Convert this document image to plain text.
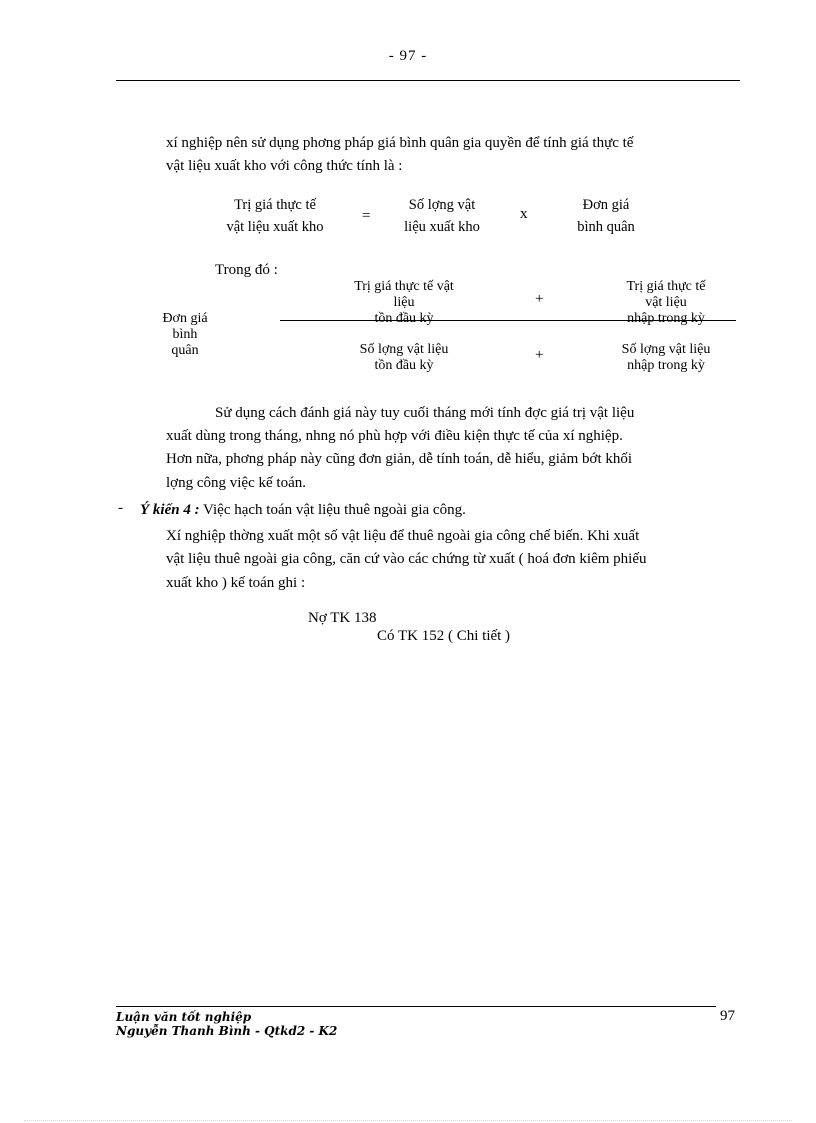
- 97 -
xí nghiệp nên sử dụng phơng pháp giá bình quân gia quyền để tính giá thực tế
vật liệu xuất kho với công thức tính là :
Trị giá thực tế
vật liệu xuất kho
=
Số lợng vật
liệu xuất kho
x
Đơn giá
bình quân
Trong đó :
Đơn giá
bình
quân
Trị giá thực tế vật
liệu
tồn đầu kỳ
+
Trị giá thực tế
vật liệu
nhập trong kỳ
Số lợng vật liệu
tồn đầu kỳ
+	Số lợng vật liệu
nhập trong kỳ
Sử dụng cách đánh giá này tuy cuối tháng mới tính đợc giá trị vật liệu
xuất dùng trong tháng, nhng nó phù hợp với điều kiện thực tế của xí nghiệp.
Hơn nữa, phơng pháp này cũng đơn giản, dễ tính toán, dễ hiểu, giảm bớt khối
lợng công việc kế toán.
- Ý kiến 4 : Việc hạch toán vật liệu thuê ngoài gia công.
Xí nghiệp thờng xuất một số vật liệu để thuê ngoài gia công chế biến. Khi xuất
vật liệu thuê ngoài gia công, căn cứ vào các chứng từ xuất ( hoá đơn kiêm phiếu
xuất kho ) kế toán ghi :
Nợ TK 138
Có TK 152 ( Chi tiết )
Luận văn tốt nghiệp
Nguyễn Thanh Bình - Qtkd2 - K2
97
